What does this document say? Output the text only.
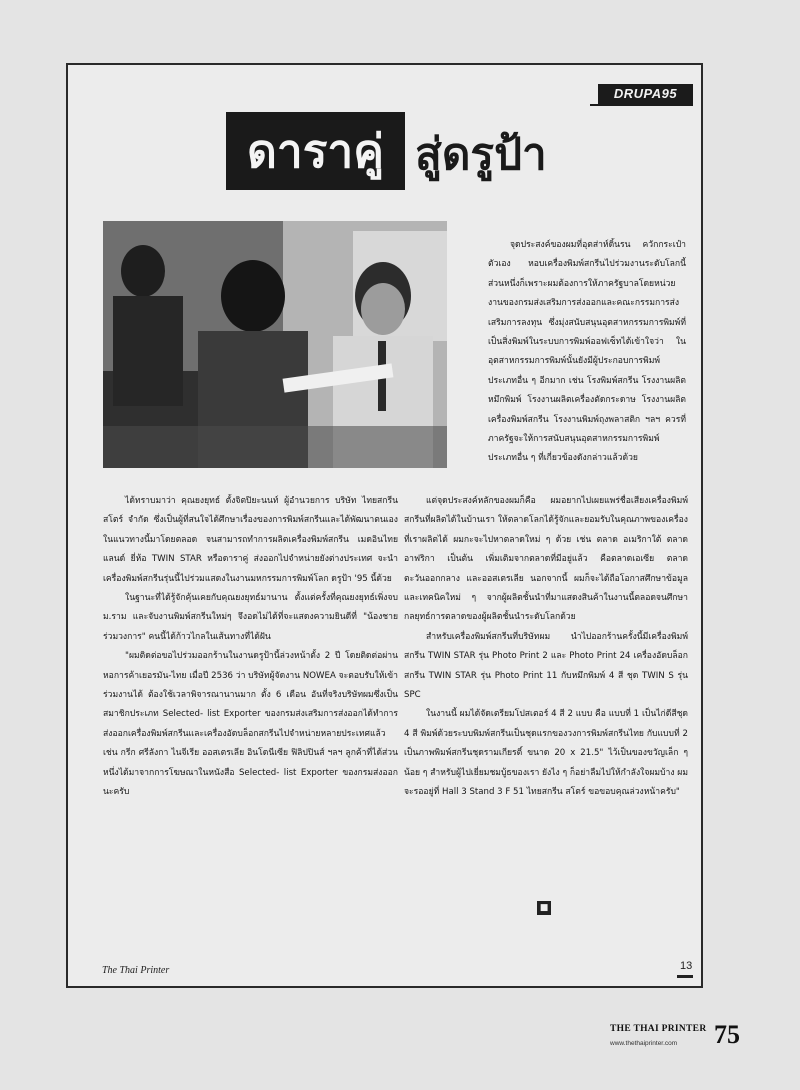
DRUPA95
ดาราคู่ สู่ดรูป้า

จุดประสงค์ของผมที่อุตส่าห์ดิ้นรน ควักกระเป๋าตัวเอง หอบเครื่องพิมพ์สกรีนไปร่วมงานระดับโลกนี้ ส่วนหนึ่งก็เพราะผมต้องการให้ภาครัฐบาลโดยหน่วยงานของกรมส่งเสริมการส่งออกและคณะกรรมการส่งเสริมการลงทุน ซึ่งมุ่งสนับสนุนอุตสาหกรรมการพิมพ์ที่เป็นสิ่งพิมพ์ในระบบการพิมพ์ออฟเซ็ทได้เข้าใจว่า ใน อุตสาหกรรมการพิมพ์นั้นยังมีผู้ประกอบการพิมพ์ประเภทอื่น ๆ อีกมาก เช่น โรงพิมพ์สกรีน โรงงานผลิตหมึกพิมพ์ โรงงานผลิตเครื่องตัดกระดาษ โรงงานผลิตเครื่องพิมพ์สกรีน โรงงานพิมพ์ถุงพลาสติก ฯลฯ ควรที่ภาครัฐจะให้การสนับสนุนอุตสาหกรรมการพิมพ์ประเภทอื่น ๆ ที่เกี่ยวข้องดังกล่าวแล้วด้วย

ได้ทราบมาว่า คุณยงยุทธ์ ตั้งจิตปิยะนนท์ ผู้อำนวยการ บริษัท ไทยสกรีนสโตร์ จำกัด ซึ่งเป็นผู้ที่สนใจได้ศึกษาเรื่องของการพิมพ์สกรีนและได้พัฒนาตนเองในแนวทางนี้มาโดยตลอด จนสามารถทำการผลิตเครื่องพิมพ์สกรีน เมดอินไทยแลนด์ ยี่ห้อ TWIN STAR หรือดาราคู่ ส่งออกไปจำหน่ายยังต่างประเทศ จะนำเครื่องพิมพ์สกรีนรุ่นนี้ไปร่วมแสดงในงานมหกรรมการพิมพ์โลก ดรูป้า '95 นี้ด้วย

ในฐานะที่ได้รู้จักคุ้นเคยกับคุณยงยุทธ์มานาน ตั้งแต่ครั้งที่คุณยงยุทธ์เพิ่งจบ ม.ราม และจับงานพิมพ์สกรีนใหม่ๆ จึงอดไม่ได้ที่จะแสดงความยินดีที่ "น้องชายร่วมวงการ" คนนี้ได้ก้าวไกลในเส้นทางที่ได้ฝัน

"ผมติดต่อขอไปร่วมออกร้านในงานดรูป้านี้ล่วงหน้าตั้ง 2 ปี โดยติดต่อผ่านหอการค้าเยอรมัน-ไทย เมื่อปี 2536 ว่า บริษัทผู้จัดงาน NOWEA จะตอบรับให้เข้าร่วมงานได้ ต้องใช้เวลาพิจารณานานมาก ตั้ง 6 เดือน อันที่จริงบริษัทผมซึ่งเป็นสมาชิกประเภท Selected- list Exporter ของกรมส่งเสริมการส่งออกได้ทำการส่งออกเครื่องพิมพ์สกรีนและเครื่องอัดบล็อกสกรีนไปจำหน่ายหลายประเทศแล้ว เช่น กรีก ศรีลังกา ไนจีเรีย ออสเตรเลีย อินโดนีเซีย ฟิลิปปินส์ ฯลฯ ลูกค้าที่ได้ส่วนหนึ่งได้มาจากการโฆษณาในหนังสือ Selected- list Exporter ของกรมส่งออกนะครับ

แต่จุดประสงค์หลักของผมก็คือ ผมอยากไปเผยแพร่ชื่อเสียงเครื่องพิมพ์สกรีนที่ผลิตได้ในบ้านเรา ให้ตลาดโลกได้รู้จักและยอมรับในคุณภาพของเครื่องที่เราผลิตได้ ผมกะจะไปหาตลาดใหม่ ๆ ด้วย เช่น ตลาด อเมริกาใต้ ตลาดอาฟริกา เป็นต้น เพิ่มเติมจากตลาดที่มีอยู่แล้ว คือตลาดเอเซีย ตลาดตะวันออกกลาง และออสเตรเลีย นอกจากนี้ ผมก็จะได้ถือโอกาสศึกษาข้อมูลและเทคนิคใหม่ ๆ จากผู้ผลิตชั้นนำที่มาแสดงสินค้าในงานนี้ตลอดจนศึกษากลยุทธ์การตลาดของผู้ผลิตชั้นนำระดับโลกด้วย

สำหรับเครื่องพิมพ์สกรีนที่บริษัทผม นำไปออกร้านครั้งนี้มีเครื่องพิมพ์สกรีน TWIN STAR รุ่น Photo Print 2 และ Photo Print 24 เครื่องอัดบล็อกสกรีน TWIN STAR รุ่น Photo Print 11 กับหมึกพิมพ์ 4 สี ชุด TWIN S รุ่น SPC

ในงานนี้ ผมได้จัดเตรียมโปสเตอร์ 4 สี 2 แบบ คือ แบบที่ 1 เป็นไก่ดีสีชุด 4 สี พิมพ์ด้วยระบบพิมพ์สกรีนเป็นชุดแรกของวงการพิมพ์สกรีนไทย กับแบบที่ 2 เป็นภาพพิมพ์สกรีนชุดรามเกียรติ์ ขนาด 20 x 21.5" ไว้เป็นของขวัญเล็ก ๆ น้อย ๆ สำหรับผู้ไปเยี่ยมชมบู้ธของเรา ยังไง ๆ ก็อย่าลืมไปให้กำลังใจผมบ้าง ผมจะรออยู่ที่ Hall 3 Stand 3 F 51 ไทยสกรีน สโตร์ ขอขอบคุณล่วงหน้าครับ"

■
The Thai Printer	13
THE THAI PRINTER
www.thethaiprinter.com 75
